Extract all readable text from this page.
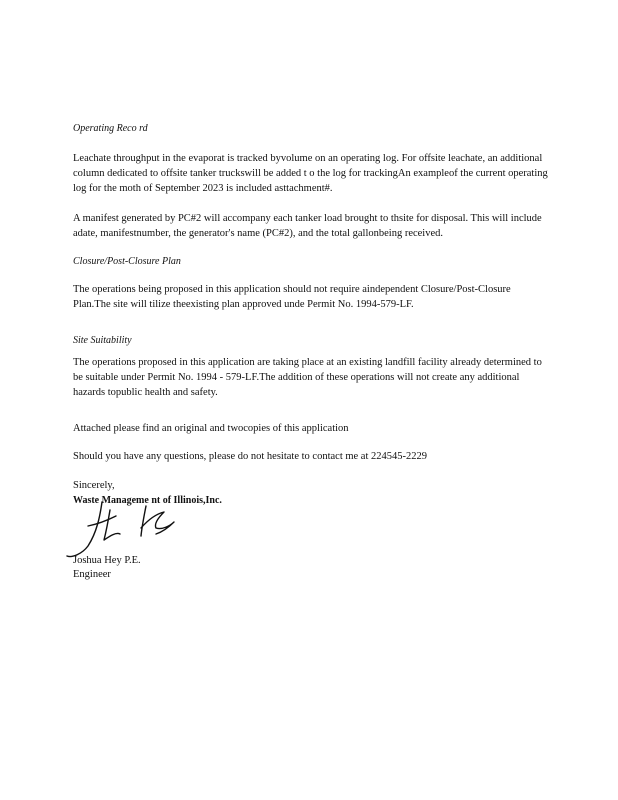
Operating Reco rd

Leachate throughput in the evaporat is tracked byvolume on an operating log. For offsite leachate, an additional column dedicated to offsite tanker truckswill be added t o the log for trackingAn exampleof the current operating log for the moth of September 2023 is included asttachment#.

A manifest generated by PC#2 will accompany each tanker load brought to thsite for disposal. This will include adate, manifestnumber, the generator's name (PC#2), and the total gallonbeing received.

Closure/Post-Closure Plan

The operations being proposed in this application should not require aindependent Closure/Post-Closure Plan.The site will tilize theexisting plan approved unde Permit No. 1994-579-LF.

Site Suitability

The operations proposed in this application are taking place at an existing landfill facility already determined to be suitable under Permit No. 1994 - 579-LF.The addition of these operations will not create any additional hazards topublic health and safety.

Attached please find an original and twocopies of this application

Should you have any questions, please do not hesitate to contact me at 224545-2229

Sincerely,

Waste Manageme nt of Illinois,Inc.

Joshua Hey P.E.
Engineer
